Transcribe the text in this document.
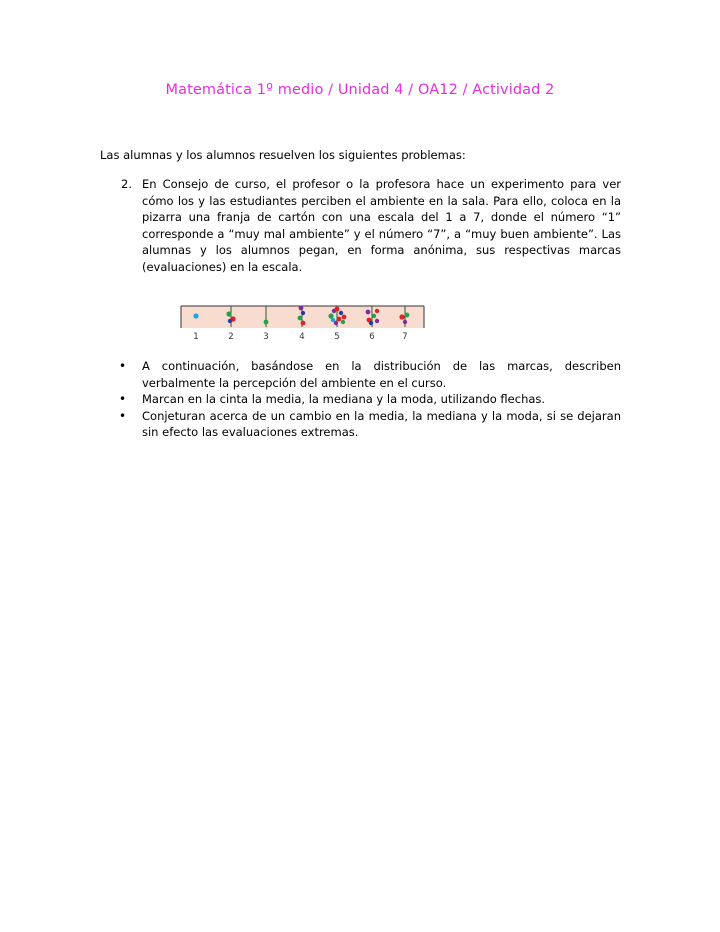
Matemática 1º medio / Unidad 4 / OA12 / Actividad 2
Las alumnas y los alumnos resuelven los siguientes problemas:
2. En Consejo de curso, el profesor o la profesora hace un experimento para ver cómo los y las estudiantes perciben el ambiente en la sala. Para ello, coloca en la pizarra una franja de cartón con una escala del 1 a 7, donde el número “1” corresponde a “muy mal ambiente” y el número “7”, a “muy buen ambiente”. Las alumnas y los alumnos pegan, en forma anónima, sus respectivas marcas (evaluaciones) en la escala.
1	2	3	4	5	6	7
• A continuación, basándose en la distribución de las marcas, describen verbalmente la percepción del ambiente en el curso.
• Marcan en la cinta la media, la mediana y la moda, utilizando flechas.
• Conjeturan acerca de un cambio en la media, la mediana y la moda, si se dejaran sin efecto las evaluaciones extremas.
